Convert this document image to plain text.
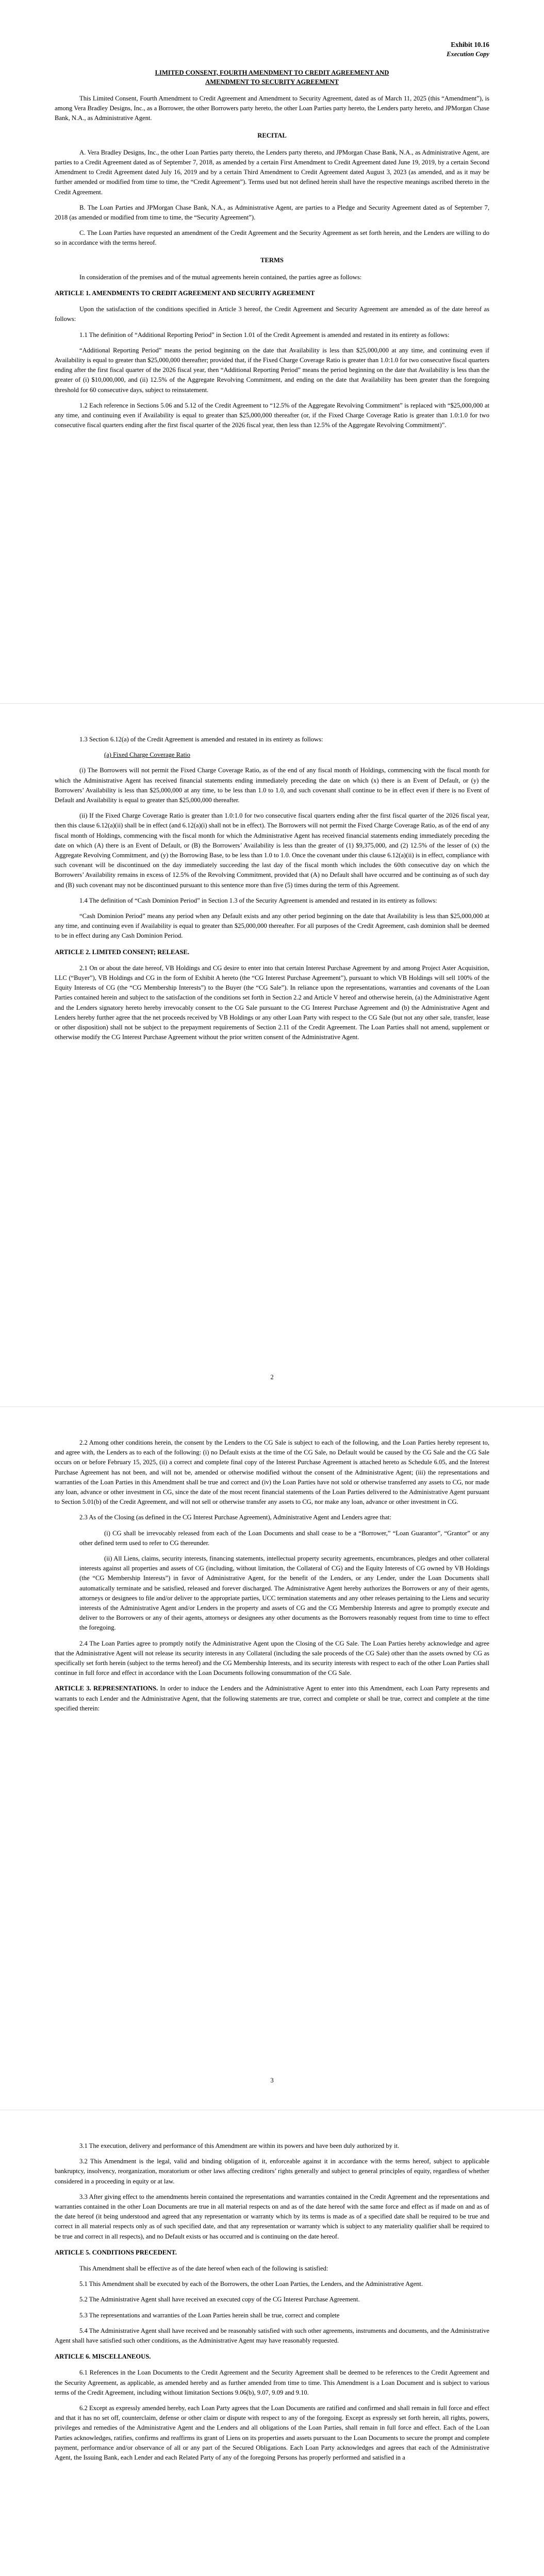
Exhibit 10.16

Execution Copy

LIMITED CONSENT, FOURTH AMENDMENT TO CREDIT AGREEMENT AND
AMENDMENT TO SECURITY AGREEMENT

This Limited Consent, Fourth Amendment to Credit Agreement and Amendment to Security Agreement, dated as of March 11, 2025 (this “Amendment”), is among Vera Bradley Designs, Inc., as a Borrower, the other Borrowers party hereto, the other Loan Parties party hereto, the Lenders party hereto, and JPMorgan Chase Bank, N.A., as Administrative Agent.

RECITAL

A. Vera Bradley Designs, Inc., the other Loan Parties party thereto, the Lenders party thereto, and JPMorgan Chase Bank, N.A., as Administrative Agent, are parties to a Credit Agreement dated as of September 7, 2018, as amended by a certain First Amendment to Credit Agreement dated June 19, 2019, by a certain Second Amendment to Credit Agreement dated July 16, 2019 and by a certain Third Amendment to Credit Agreement dated August 3, 2023 (as amended, and as it may be further amended or modified from time to time, the “Credit Agreement”). Terms used but not defined herein shall have the respective meanings ascribed thereto in the Credit Agreement.

B. The Loan Parties and JPMorgan Chase Bank, N.A., as Administrative Agent, are parties to a Pledge and Security Agreement dated as of September 7, 2018 (as amended or modified from time to time, the “Security Agreement”).

C. The Loan Parties have requested an amendment of the Credit Agreement and the Security Agreement as set forth herein, and the Lenders are willing to do so in accordance with the terms hereof.

TERMS

In consideration of the premises and of the mutual agreements herein contained, the parties agree as follows:

ARTICLE 1. AMENDMENTS TO CREDIT AGREEMENT AND SECURITY AGREEMENT

Upon the satisfaction of the conditions specified in Article 3 hereof, the Credit Agreement and Security Agreement are amended as of the date hereof as follows:

1.1 The definition of “Additional Reporting Period” in Section 1.01 of the Credit Agreement is amended and restated in its entirety as follows:

“Additional Reporting Period” means the period beginning on the date that Availability is less than $25,000,000 at any time, and continuing even if Availability is equal to greater than $25,000,000 thereafter; provided that, if the Fixed Charge Coverage Ratio is greater than 1.0:1.0 for two consecutive fiscal quarters ending after the first fiscal quarter of the 2026 fiscal year, then “Additional Reporting Period” means the period beginning on the date that Availability is less than the greater of (i) $10,000,000, and (ii) 12.5% of the Aggregate Revolving Commitment, and ending on the date that Availability has been greater than the foregoing threshold for 60 consecutive days, subject to reinstatement.

1.2 Each reference in Sections 5.06 and 5.12 of the Credit Agreement to “12.5% of the Aggregate Revolving Commitment” is replaced with “$25,000,000 at any time, and continuing even if Availability is equal to greater than $25,000,000 thereafter (or, if the Fixed Charge Coverage Ratio is greater than 1.0:1.0 for two consecutive fiscal quarters ending after the first fiscal quarter of the 2026 fiscal year, then less than 12.5% of the Aggregate Revolving Commitment)”.

1.3 Section 6.12(a) of the Credit Agreement is amended and restated in its entirety as follows:

(a) Fixed Charge Coverage Ratio

(i) The Borrowers will not permit the Fixed Charge Coverage Ratio, as of the end of any fiscal month of Holdings, commencing with the fiscal month for which the Administrative Agent has received financial statements ending immediately preceding the date on which (x) there is an Event of Default, or (y) the Borrowers’ Availability is less than $25,000,000 at any time, to be less than 1.0 to 1.0, and such covenant shall continue to be in effect even if there is no Event of Default and Availability is equal to greater than $25,000,000 thereafter.

(ii) If the Fixed Charge Coverage Ratio is greater than 1.0:1.0 for two consecutive fiscal quarters ending after the first fiscal quarter of the 2026 fiscal year, then this clause 6.12(a)(ii) shall be in effect (and 6.12(a)(i) shall not be in effect). The Borrowers will not permit the Fixed Charge Coverage Ratio, as of the end of any fiscal month of Holdings, commencing with the fiscal month for which the Administrative Agent has received financial statements ending immediately preceding the date on which (A) there is an Event of Default, or (B) the Borrowers’ Availability is less than the greater of (1) $9,375,000, and (2) 12.5% of the lesser of (x) the Aggregate Revolving Commitment, and (y) the Borrowing Base, to be less than 1.0 to 1.0. Once the covenant under this clause 6.12(a)(ii) is in effect, compliance with such covenant will be discontinued on the day immediately succeeding the last day of the fiscal month which includes the 60th consecutive day on which the Borrowers’ Availability remains in excess of 12.5% of the Revolving Commitment, provided that (A) no Default shall have occurred and be continuing as of such day and (B) such covenant may not be discontinued pursuant to this sentence more than five (5) times during the term of this Agreement.

1.4 The definition of “Cash Dominion Period” in Section 1.3 of the Security Agreement is amended and restated in its entirety as follows:

“Cash Dominion Period” means any period when any Default exists and any other period beginning on the date that Availability is less than $25,000,000 at any time, and continuing even if Availability is equal to greater than $25,000,000 thereafter. For all purposes of the Credit Agreement, cash dominion shall be deemed to be in effect during any Cash Dominion Period.

ARTICLE 2. LIMITED CONSENT; RELEASE.

2.1 On or about the date hereof, VB Holdings and CG desire to enter into that certain Interest Purchase Agreement by and among Project Aster Acquisition, LLC (“Buyer”), VB Holdings and CG in the form of Exhibit A hereto (the “CG Interest Purchase Agreement”), pursuant to which VB Holdings will sell 100% of the Equity Interests of CG (the “CG Membership Interests”) to the Buyer (the “CG Sale”). In reliance upon the representations, warranties and covenants of the Loan Parties contained herein and subject to the satisfaction of the conditions set forth in Section 2.2 and Article V hereof and otherwise herein, (a) the Administrative Agent and the Lenders signatory hereto hereby irrevocably consent to the CG Sale pursuant to the CG Interest Purchase Agreement and (b) the Administrative Agent and Lenders hereby further agree that the net proceeds received by VB Holdings or any other Loan Party with respect to the CG Sale (but not any other sale, transfer, lease or other disposition) shall not be subject to the prepayment requirements of Section 2.11 of the Credit Agreement. The Loan Parties shall not amend, supplement or otherwise modify the CG Interest Purchase Agreement without the prior written consent of the Administrative Agent.

2

2.2 Among other conditions herein, the consent by the Lenders to the CG Sale is subject to each of the following, and the Loan Parties hereby represent to, and agree with, the Lenders as to each of the following: (i) no Default exists at the time of the CG Sale, no Default would be caused by the CG Sale and the CG Sale occurs on or before February 15, 2025, (ii) a correct and complete final copy of the Interest Purchase Agreement is attached hereto as Schedule 6.05, and the Interest Purchase Agreement has not been, and will not be, amended or otherwise modified without the consent of the Administrative Agent; (iii) the representations and warranties of the Loan Parties in this Amendment shall be true and correct and (iv) the Loan Parties have not sold or otherwise transferred any assets to CG, nor made any loan, advance or other investment in CG, since the date of the most recent financial statements of the Loan Parties delivered to the Administrative Agent pursuant to Section 5.01(b) of the Credit Agreement, and will not sell or otherwise transfer any assets to CG, nor make any loan, advance or other investment in CG.

2.3 As of the Closing (as defined in the CG Interest Purchase Agreement), Administrative Agent and Lenders agree that:

(i) CG shall be irrevocably released from each of the Loan Documents and shall cease to be a “Borrower,” “Loan Guarantor”, “Grantor” or any other defined term used to refer to CG thereunder.

(ii) All Liens, claims, security interests, financing statements, intellectual property security agreements, encumbrances, pledges and other collateral interests against all properties and assets of CG (including, without limitation, the Collateral of CG) and the Equity Interests of CG owned by VB Holdings (the “CG Membership Interests”) in favor of Administrative Agent, for the benefit of the Lenders, or any Lender, under the Loan Documents shall automatically terminate and be satisfied, released and forever discharged. The Administrative Agent hereby authorizes the Borrowers or any of their agents, attorneys or designees to file and/or deliver to the appropriate parties, UCC termination statements and any other releases pertaining to the Liens and security interests of the Administrative Agent and/or Lenders in the property and assets of CG and the CG Membership Interests and agree to promptly execute and deliver to the Borrowers or any of their agents, attorneys or designees any other documents as the Borrowers reasonably request from time to time to effect the foregoing.

2.4 The Loan Parties agree to promptly notify the Administrative Agent upon the Closing of the CG Sale. The Loan Parties hereby acknowledge and agree that the Administrative Agent will not release its security interests in any Collateral (including the sale proceeds of the CG Sale) other than the assets owned by CG as specifically set forth herein (subject to the terms hereof) and the CG Membership Interests, and its security interests with respect to each of the other Loan Parties shall continue in full force and effect in accordance with the Loan Documents following consummation of the CG Sale.

ARTICLE 3. REPRESENTATIONS. In order to induce the Lenders and the Administrative Agent to enter into this Amendment, each Loan Party represents and warrants to each Lender and the Administrative Agent, that the following statements are true, correct and complete or shall be true, correct and complete at the time specified therein:

3

3.1 The execution, delivery and performance of this Amendment are within its powers and have been duly authorized by it.

3.2 This Amendment is the legal, valid and binding obligation of it, enforceable against it in accordance with the terms hereof, subject to applicable bankruptcy, insolvency, reorganization, moratorium or other laws affecting creditors’ rights generally and subject to general principles of equity, regardless of whether considered in a proceeding in equity or at law.

3.3 After giving effect to the amendments herein contained the representations and warranties contained in the Credit Agreement and the representations and warranties contained in the other Loan Documents are true in all material respects on and as of the date hereof with the same force and effect as if made on and as of the date hereof (it being understood and agreed that any representation or warranty which by its terms is made as of a specified date shall be required to be true and correct in all material respects only as of such specified date, and that any representation or warranty which is subject to any materiality qualifier shall be required to be true and correct in all respects), and no Default exists or has occurred and is continuing on the date hereof.

ARTICLE 5. CONDITIONS PRECEDENT.

This Amendment shall be effective as of the date hereof when each of the following is satisfied:

5.1 This Amendment shall be executed by each of the Borrowers, the other Loan Parties, the Lenders, and the Administrative Agent.

5.2 The Administrative Agent shall have received an executed copy of the CG Interest Purchase Agreement.

5.3 The representations and warranties of the Loan Parties herein shall be true, correct and complete

5.4 The Administrative Agent shall have received and be reasonably satisfied with such other agreements, instruments and documents, and the Administrative Agent shall have satisfied such other conditions, as the Administrative Agent may have reasonably requested.

ARTICLE 6. MISCELLANEOUS.

6.1 References in the Loan Documents to the Credit Agreement and the Security Agreement shall be deemed to be references to the Credit Agreement and the Security Agreement, as applicable, as amended hereby and as further amended from time to time. This Amendment is a Loan Document and is subject to various terms of the Credit Agreement, including without limitation Sections 9.06(b), 9.07, 9.09 and 9.10.

6.2 Except as expressly amended hereby, each Loan Party agrees that the Loan Documents are ratified and confirmed and shall remain in full force and effect and that it has no set off, counterclaim, defense or other claim or dispute with respect to any of the foregoing. Except as expressly set forth herein, all rights, powers, privileges and remedies of the Administrative Agent and the Lenders and all obligations of the Loan Parties, shall remain in full force and effect. Each of the Loan Parties acknowledges, ratifies, confirms and reaffirms its grant of Liens on its properties and assets pursuant to the Loan Documents to secure the prompt and complete payment, performance and/or observance of all or any part of the Secured Obligations. Each Loan Party acknowledges and agrees that each of the Administrative Agent, the Issuing Bank, each Lender and each Related Party of any of the foregoing Persons has properly performed and satisfied in a
